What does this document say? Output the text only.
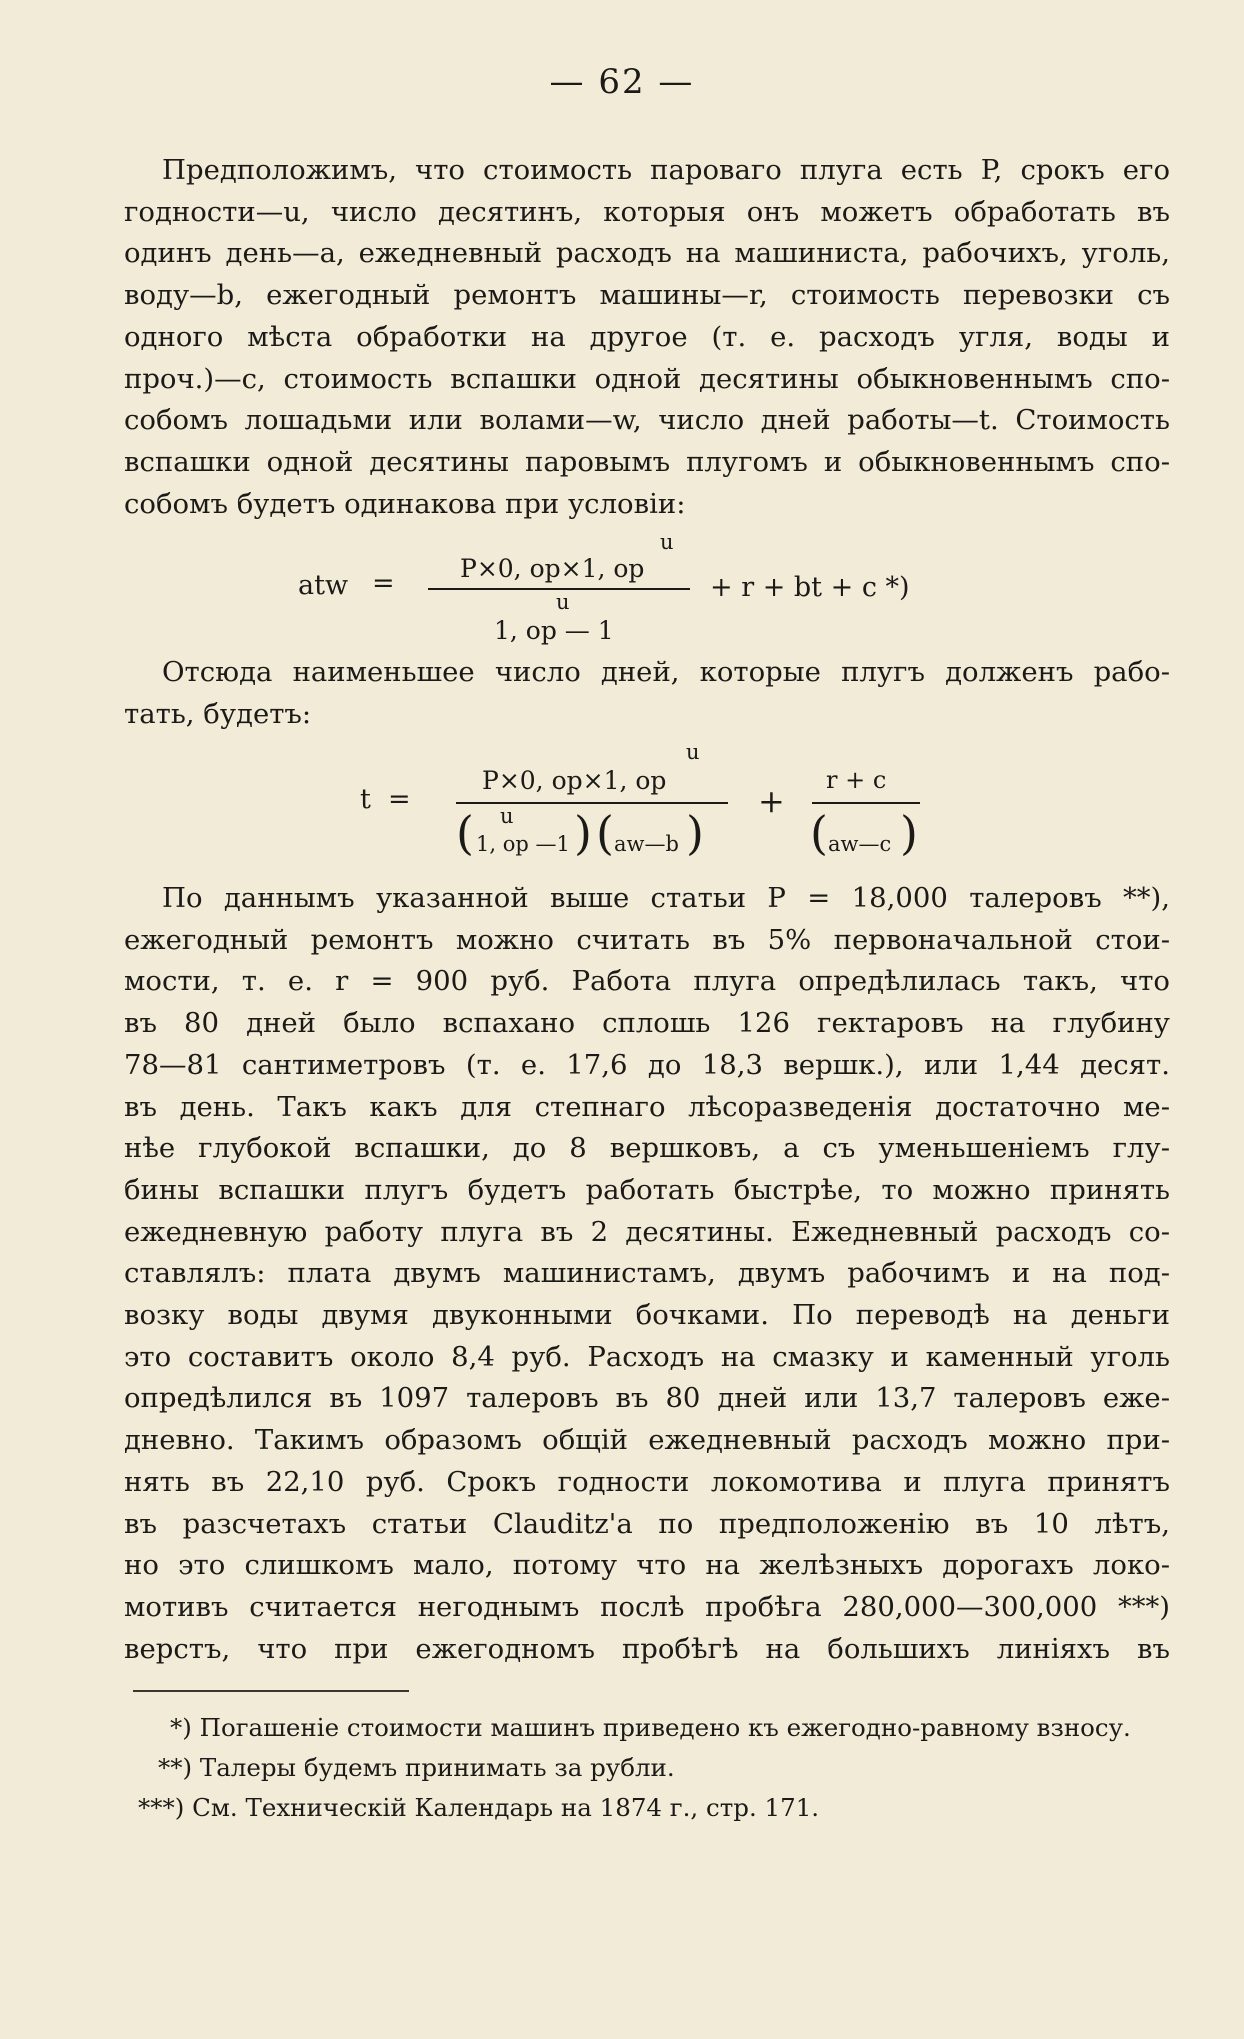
— 62 —

Предположимъ, что стоимость пароваго плуга есть P, срокъ его
годности—u, число десятинъ, которыя онъ можетъ обработать въ
одинъ день—a, ежедневный расходъ на машиниста, рабочихъ, уголь,
воду—b, ежегодный ремонтъ машины—r, стоимость перевозки съ
одного мѣста обработки на другое (т. е. расходъ угля, воды и
проч.)—c, стоимость вспашки одной десятины обыкновеннымъ спо-
собомъ лошадьми или волами—w, число дней работы—t. Стоимость
вспашки одной десятины паровымъ плугомъ и обыкновеннымъ спо-
собомъ будетъ одинакова при условіи:

atw =
u
P×0, op×1, op
u
1, op — 1
+ r + bt + c *)

Отсюда наименьшее число дней, которые плугъ долженъ рабо-
тать, будетъ:

t =
u
P×0, op×1, op
u
( 1, op —1 ) ( aw—b )
+
r + c
( aw—c )

По даннымъ указанной выше статьи P = 18,000 талеровъ **),
ежегодный ремонтъ можно считать въ 5% первоначальной стои-
мости, т. е. r = 900 руб. Работа плуга опредѣлилась такъ, что
въ 80 дней было вспахано сплошь 126 гектаровъ на глубину
78—81 сантиметровъ (т. е. 17,6 до 18,3 вершк.), или 1,44 десят.
въ день. Такъ какъ для степнаго лѣсоразведенія достаточно ме-
нѣе глубокой вспашки, до 8 вершковъ, а съ уменьшеніемъ глу-
бины вспашки плугъ будетъ работать быстрѣе, то можно принять
ежедневную работу плуга въ 2 десятины. Ежедневный расходъ со-
ставлялъ: плата двумъ машинистамъ, двумъ рабочимъ и на под-
возку воды двумя двуконными бочками. По переводѣ на деньги
это составитъ около 8,4 руб. Расходъ на смазку и каменный уголь
опредѣлился въ 1097 талеровъ въ 80 дней или 13,7 талеровъ еже-
дневно. Такимъ образомъ общій ежедневный расходъ можно при-
нять въ 22,10 руб. Срокъ годности локомотива и плуга принятъ
въ разсчетахъ статьи Clauditz'а по предположенію въ 10 лѣтъ,
но это слишкомъ мало, потому что на желѣзныхъ дорогахъ локо-
мотивъ считается негоднымъ послѣ пробѣга 280,000—300,000 ***)
верстъ, что при ежегодномъ пробѣгѣ на большихъ линіяхъ въ

*) Погашеніе стоимости машинъ приведено къ ежегодно-равному взносу.
**) Талеры будемъ принимать за рубли.
***) См. Техническій Календарь на 1874 г., стр. 171.
